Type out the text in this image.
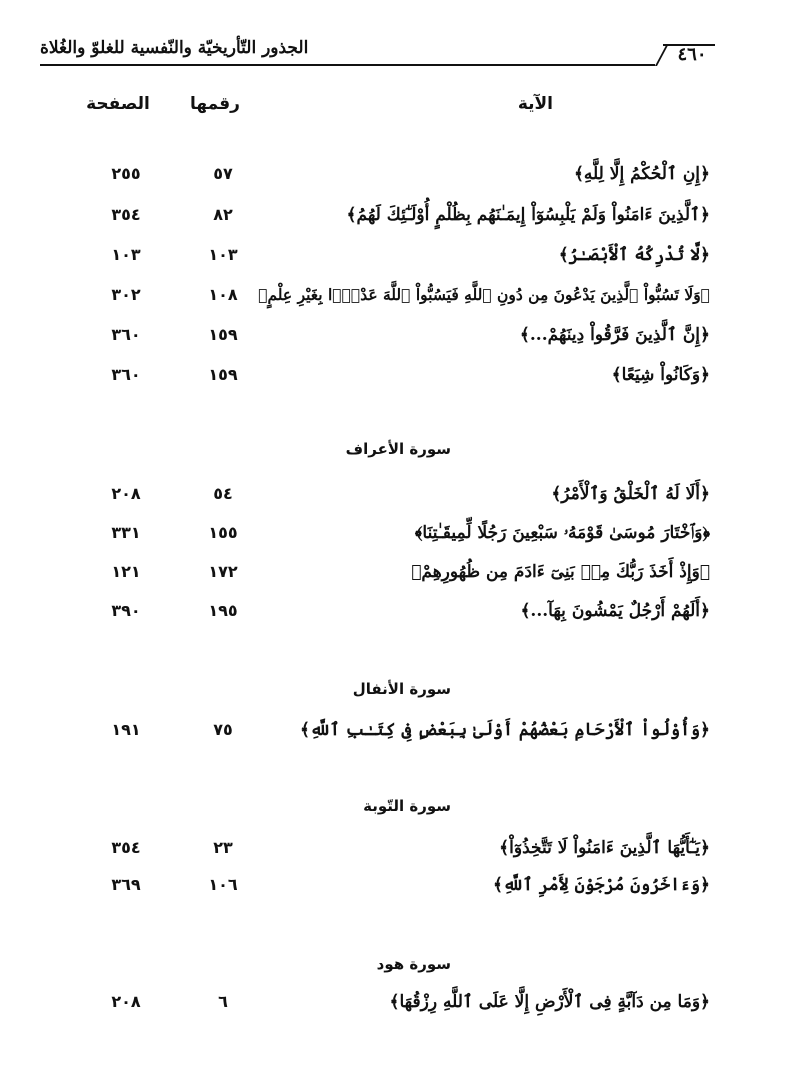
الجذور التّأريخيّة والنّفسية للغلوّ والغُلاة	٤٦٠
الآية
رقمها
الصفحة
﴿إِنِ ٱلْحُكْمُ إِلَّا لِلَّهِ﴾
٥٧
٢٥٥
﴿ٱلَّذِينَ ءَامَنُواْ وَلَمْ يَلْبِسُوٓاْ إِيمَـٰنَهُم بِظُلْمٍ أُوْلَـٰٓئِكَ لَهُمُ﴾
٨٢
٣٥٤
﴿لَّا تُدْرِكُهُ ٱلْأَبْصَـٰرُ﴾
١٠٣
١٠٣
﴿وَلَا تَسُبُّواْ ٱلَّذِينَ يَدْعُونَ مِن دُونِ ٱللَّهِ فَيَسُبُّواْ ٱللَّهَ عَدْوًۢا بِغَيْرِ عِلْمٍ﴾
١٠٨
٣٠٢
﴿إِنَّ ٱلَّذِينَ فَرَّقُواْ دِينَهُمْ...﴾
١٥٩
٣٦٠
﴿وَكَانُواْ شِيَعًا﴾
١٥٩
٣٦٠
سورة الأعراف
﴿أَلَا لَهُ ٱلْخَلْقُ وَٱلْأَمْرُ﴾
٥٤
٢٠٨
﴿وَٱخْتَارَ مُوسَىٰ قَوْمَهُۥ سَبْعِينَ رَجُلًا لِّمِيقَـٰتِنَا﴾
١٥٥
٣٣١
﴿وَإِذْ أَخَذَ رَبُّكَ مِنۢ بَنِىٓ ءَادَمَ مِن ظُهُورِهِمْ﴾
١٧٢
١٢١
﴿أَلَهُمْ أَرْجُلٌ يَمْشُونَ بِهَآ...﴾
١٩٥
٣٩٠
سورة الأنفال
﴿وَأُوْلُواْ ٱلْأَرْحَامِ بَعْضُهُمْ أَوْلَىٰ بِبَعْضٍ فِى كِتَـٰبِ ٱللَّهِ﴾
٧٥
١٩١
سورة التّوبة
﴿يَـٰٓأَيُّهَا ٱلَّذِينَ ءَامَنُواْ لَا تَتَّخِذُوٓاْ﴾
٢٣
٣٥٤
﴿وَءَاخَرُونَ مُرْجَوْنَ لِأَمْرِ ٱللَّهِ﴾
١٠٦
٣٦٩
سورة هود
﴿وَمَا مِن دَآبَّةٍ فِى ٱلْأَرْضِ إِلَّا عَلَى ٱللَّهِ رِزْقُهَا﴾
٦
٢٠٨
